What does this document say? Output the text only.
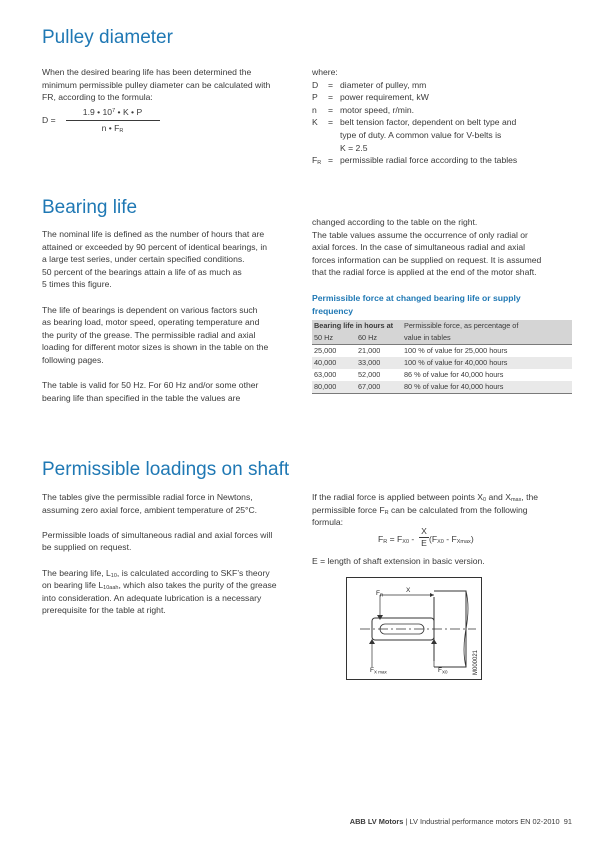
Pulley diameter

When the desired bearing life has been determined the

minimum permissible pulley diameter can be calculated with

FR, according to the formula:

D =
1.9 • $10^7$ • K • P
n • $F_R$

where:

D = diameter of pulley, mm
P = power requirement, kW
n = motor speed, r/min.
K = belt tension factor, dependent on belt type and
type of duty. A common value for V-belts is
K = 2.5
$F_R$ = permissible radial force according to the tables
Bearing life

The nominal life is defined as the number of hours that are

attained or exceeded by 90 percent of identical bearings, in

a large test series, under certain specified conditions.

50 percent of the bearings attain a life of as much as

5 times this figure.

The life of bearings is dependent on various factors such

as bearing load, motor speed, operating temperature and

the purity of the grease. The permissible radial and axial

loading for different motor sizes is shown in the table on the

following pages.

The table is valid for 50 Hz. For 60 Hz and/or some other

bearing life than specified in the table the values are

changed according to the table on the right.

The table values assume the occurrence of only radial or

axial forces. In the case of simultaneous radial and axial

forces information can be supplied on request. It is assumed

that the radial force is applied at the end of the motor shaft.

Permissible force at changed bearing life or supply

frequency

Bearing life in hours at		Permissible force, as percentage of
50 Hz	60 Hz	value in tables
25,000	21,000	100 % of value for 25,000 hours
40,000	33,000	100 % of value for 40,000 hours
63,000	52,000	86 % of value for 40,000 hours
80,000	67,000	80 % of value for 40,000 hours
Permissible loadings on shaft

The tables give the permissible radial force in Newtons,

assuming zero axial force, ambient temperature of 25°C.

Permissible loads of simultaneous radial and axial forces will

be supplied on request.

The bearing life, $L_{10}$, is calculated according to SKF’s theory

on bearing life $L_{10aah}$, which also takes the purity of the grease

into consideration. An adequate lubrication is a necessary

prerequisite for the table at right.

If the radial force is applied between points $X_0$ and $X_{max}$, the

permissible force $F_R$ can be calculated from the following

formula:

$F_R = F_{X0}$ -
X
E $(F_{X0} - F_{Xmax})$

E = length of shaft extension in basic version.

$F_R$
X
$F_{X max}$	$F_{X0}$	M000021
ABB LV Motors | LV Industrial performance motors EN 02-2010 91
